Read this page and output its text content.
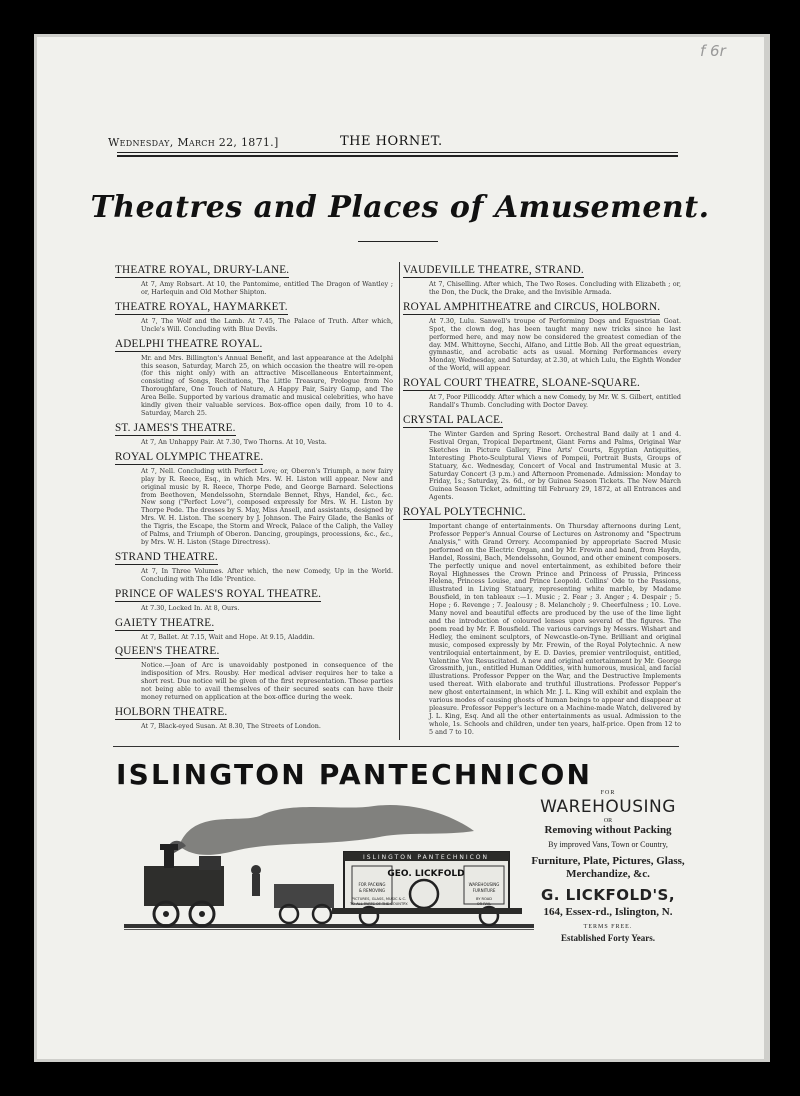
f 6r
Wednesday, March 22, 1871.]	THE HORNET.
Theatres and Places of Amusement.
THEATRE ROYAL, DRURY-LANE.
At 7, Amy Robsart. At 10, the Pantomime, entitled The Dragon of Wantley ; or, Harlequin and Old Mother Shipton.
THEATRE ROYAL, HAYMARKET.
At 7, The Wolf and the Lamb. At 7.45, The Palace of Truth. After which, Uncle's Will. Concluding with Blue Devils.
ADELPHI THEATRE ROYAL.
Mr. and Mrs. Billington's Annual Benefit, and last appearance at the Adelphi this season, Saturday, March 25, on which occasion the theatre will re-open (for this night only) with an attractive Miscellaneous Entertainment, consisting of Songs, Recitations, The Little Treasure, Prologue from No Thoroughfare, One Touch of Nature, A Happy Pair, Sairy Gamp, and The Area Belle. Supported by various dramatic and musical celebrities, who have kindly given their valuable services. Box-office open daily, from 10 to 4. Saturday, March 25.
ST. JAMES'S THEATRE.
At 7, An Unhappy Pair. At 7.30, Two Thorns. At 10, Vesta.
ROYAL OLYMPIC THEATRE.
At 7, Nell. Concluding with Perfect Love; or, Oberon's Triumph, a new fairy play by R. Reece, Esq., in which Mrs. W. H. Liston will appear. New and original music by R. Reece, Thorpe Pede, and George Barnard. Selections from Beethoven, Mendelssohn, Sterndale Bennet, Rhys, Handel, &c., &c. New song ("Perfect Love"), composed expressly for Mrs. W. H. Liston by Thorpe Pede. The dresses by S. May, Miss Ansell, and assistants, designed by Mrs. W. H. Liston. The scenery by J. Johnson. The Fairy Glade, the Banks of the Tigris, the Escape, the Storm and Wreck, Palace of the Caliph, the Valley of Palms, and Triumph of Oberon. Dancing, groupings, processions, &c., &c., by Mrs. W. H. Liston (Stage Directress).
STRAND THEATRE.
At 7, In Three Volumes. After which, the new Comedy, Up in the World. Concluding with The Idle 'Prentice.
PRINCE OF WALES'S ROYAL THEATRE.
At 7.30, Locked In. At 8, Ours.
GAIETY THEATRE.
At 7, Ballet. At 7.15, Wait and Hope. At 9.15, Aladdin.
QUEEN'S THEATRE.
Notice.—Joan of Arc is unavoidably postponed in consequence of the indisposition of Mrs. Rousby. Her medical adviser requires her to take a short rest. Due notice will be given of the first representation. Those parties not being able to avail themselves of their secured seats can have their money returned on application at the box-office during the week.
HOLBORN THEATRE.
At 7, Black-eyed Susan. At 8.30, The Streets of London.
VAUDEVILLE THEATRE, STRAND.
At 7, Chiselling. After which, The Two Roses. Concluding with Elizabeth ; or, the Don, the Duck, the Drake, and the Invisible Armada.
ROYAL AMPHITHEATRE and CIRCUS, HOLBORN.
At 7.30, Lulu. Sanwell's troupe of Performing Dogs and Equestrian Goat. Spot, the clown dog, has been taught many new tricks since he last performed here, and may now be considered the greatest comedian of the day. MM. Whittoyne, Secchi, Alfano, and Little Bob. All the great equestrian, gymnastic, and acrobatic acts as usual. Morning Performances every Monday, Wednesday, and Saturday, at 2.30, at which Lulu, the Eighth Wonder of the World, will appear.
ROYAL COURT THEATRE, SLOANE-SQUARE.
At 7, Poor Pillicoddy. After which a new Comedy, by Mr. W. S. Gilbert, entitled Randall's Thumb. Concluding with Doctor Davey.
CRYSTAL PALACE.
The Winter Garden and Spring Resort. Orchestral Band daily at 1 and 4. Festival Organ, Tropical Department, Giant Ferns and Palms, Original War Sketches in Picture Gallery, Fine Arts' Courts, Egyptian Antiquities, Interesting Photo-Sculptural Views of Pompeii, Portrait Busts, Groups of Statuary, &c. Wednesday, Concert of Vocal and Instrumental Music at 3. Saturday Concert (3 p.m.) and Afternoon Promenade. Admission: Monday to Friday, 1s.; Saturday, 2s. 6d., or by Guinea Season Tickets. The New March Guinea Season Ticket, admitting till February 29, 1872, at all Entrances and Agents.
ROYAL POLYTECHNIC.
Important change of entertainments. On Thursday afternoons during Lent, Professor Pepper's Annual Course of Lectures on Astronomy and "Spectrum Analysis," with Grand Orrery. Accompanied by appropriate Sacred Music performed on the Electric Organ, and by Mr. Frewin and band, from Haydn, Handel, Rossini, Bach, Mendelssohn, Gounod, and other eminent composers. The perfectly unique and novel entertainment, as exhibited before their Royal Highnesses the Crown Prince and Princess of Prussia, Princess Helena, Princess Louise, and Prince Leopold. Collins' Ode to the Passions, illustrated in Living Statuary, representing white marble, by Madame Bousfield, in ten tableaux :—1. Music ; 2. Fear ; 3. Anger ; 4. Despair ; 5. Hope ; 6. Revenge ; 7. Jealousy ; 8. Melancholy ; 9. Cheerfulness ; 10. Love. Many novel and beautiful effects are produced by the use of the lime light and the introduction of coloured lenses upon several of the figures. The poem read by Mr. F. Bousfield. The various carvings by Messrs. Wishart and Hedley, the eminent sculptors, of Newcastle-on-Tyne. Brilliant and original music, composed expressly by Mr. Frewin, of the Royal Polytechnic. A new ventriloquial entertainment, by E. D. Davies, premier ventriloquist, entitled, Valentine Vox Resuscitated. A new and original entertainment by Mr. George Grossmith, jun., entitled Human Oddities, with humorous, musical, and facial illustrations. Professor Pepper on the War, and the Destructive Implements used thereat. With elaborate and truthful illustrations. Professor Pepper's new ghost entertainment, in which Mr. J. L. King will exhibit and explain the various modes of causing ghosts of human beings to appear and disappear at pleasure. Professor Pepper's lecture on a Machine-made Watch, delivered by J. L. King, Esq. And all the other entertainments as usual. Admission to the whole, 1s. Schools and children, under ten years, half-price. Open from 12 to 5 and 7 to 10.
ISLINGTON PANTECHNICON
ISLINGTON PANTECHNICON
GEO. LICKFOLD
FOR PACKING
& REMOVING
WAREHOUSING
FURNITURE
PICTURES, GLASS, MUSIC & C.
TO ALL PARTS OF THE COUNTRY.
BY ROAD
OR RAIL
FOR
WAREHOUSING
OR
Removing without Packing
By improved Vans, Town or Country,
Furniture, Plate, Pictures, Glass, Merchandize, &c.
G. LICKFOLD'S,
164, Essex-rd., Islington, N.
TERMS FREE.
Established Forty Years.
